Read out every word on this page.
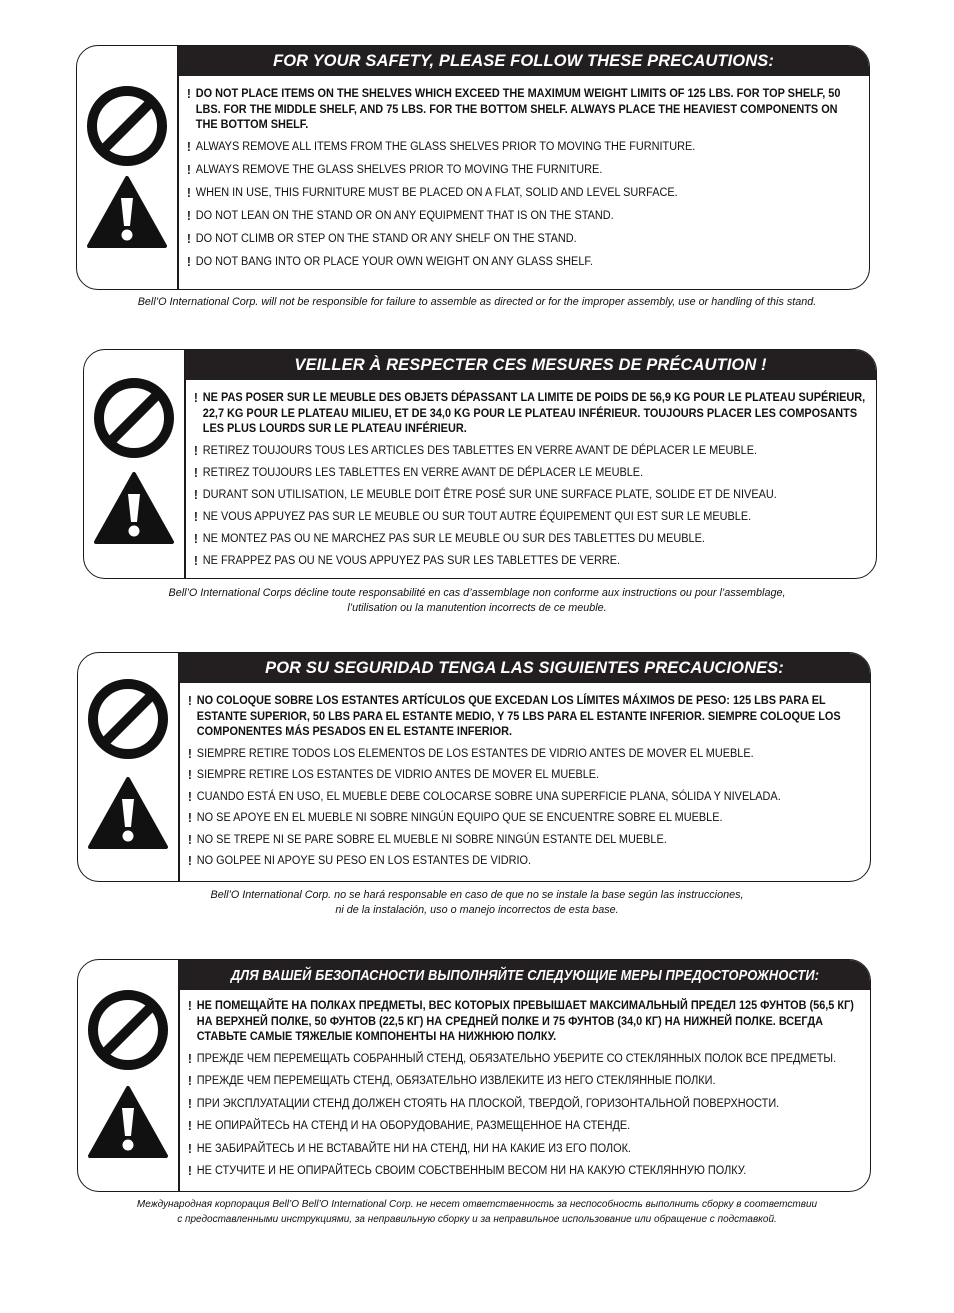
FOR YOUR SAFETY, PLEASE FOLLOW THESE PRECAUTIONS:
! DO NOT PLACE ITEMS ON THE SHELVES WHICH EXCEED THE MAXIMUM WEIGHT LIMITS OF 125 LBS. FOR TOP SHELF, 50 LBS. FOR THE MIDDLE SHELF, AND 75 LBS. FOR THE BOTTOM SHELF. ALWAYS PLACE THE HEAVIEST COMPONENTS ON THE BOTTOM SHELF.
! ALWAYS REMOVE ALL ITEMS FROM THE GLASS SHELVES PRIOR TO MOVING THE FURNITURE.
! ALWAYS REMOVE THE GLASS SHELVES PRIOR TO MOVING THE FURNITURE.
! WHEN IN USE, THIS FURNITURE MUST BE PLACED ON A FLAT, SOLID AND LEVEL SURFACE.
! DO NOT LEAN ON THE STAND OR ON ANY EQUIPMENT THAT IS ON THE STAND.
! DO NOT CLIMB OR STEP ON THE STAND OR ANY SHELF ON THE STAND.
! DO NOT BANG INTO OR PLACE YOUR OWN WEIGHT ON ANY GLASS SHELF.
Bell’O International Corp. will not be responsible for failure to assemble as directed or for the improper assembly, use or handling of this stand.
VEILLER À RESPECTER CES MESURES DE PRÉCAUTION !
! NE PAS POSER SUR LE MEUBLE DES OBJETS DÉPASSANT LA LIMITE DE POIDS DE 56,9 KG POUR LE PLATEAU SUPÉRIEUR, 22,7 KG POUR LE PLATEAU MILIEU, ET DE 34,0 KG POUR LE PLATEAU INFÉRIEUR. TOUJOURS PLACER LES COMPOSANTS LES PLUS LOURDS SUR LE PLATEAU INFÉRIEUR.
! RETIREZ TOUJOURS TOUS LES ARTICLES DES TABLETTES EN VERRE AVANT DE DÉPLACER LE MEUBLE.
! RETIREZ TOUJOURS LES TABLETTES EN VERRE AVANT DE DÉPLACER LE MEUBLE.
! DURANT SON UTILISATION, LE MEUBLE DOIT ÊTRE POSÉ SUR UNE SURFACE PLATE, SOLIDE ET DE NIVEAU.
! NE VOUS APPUYEZ PAS SUR LE MEUBLE OU SUR TOUT AUTRE ÉQUIPEMENT QUI EST SUR LE MEUBLE.
! NE MONTEZ PAS OU NE MARCHEZ PAS SUR LE MEUBLE OU SUR DES TABLETTES DU MEUBLE.
! NE FRAPPEZ PAS OU NE VOUS APPUYEZ PAS SUR LES TABLETTES DE VERRE.
Bell’O International Corps décline toute responsabilité en cas d’assemblage non conforme aux instructions ou pour l’assemblage,
l’utilisation ou la manutention incorrects de ce meuble.
POR SU SEGURIDAD TENGA LAS SIGUIENTES PRECAUCIONES:
! NO COLOQUE SOBRE LOS ESTANTES ARTÍCULOS QUE EXCEDAN LOS LÍMITES MÁXIMOS DE PESO: 125 LBS PARA EL ESTANTE SUPERIOR, 50 LBS PARA EL ESTANTE MEDIO, Y 75 LBS PARA EL ESTANTE INFERIOR. SIEMPRE COLOQUE LOS COMPONENTES MÁS PESADOS EN EL ESTANTE INFERIOR.
! SIEMPRE RETIRE TODOS LOS ELEMENTOS DE LOS ESTANTES DE VIDRIO ANTES DE MOVER EL MUEBLE.
! SIEMPRE RETIRE LOS ESTANTES DE VIDRIO ANTES DE MOVER EL MUEBLE.
! CUANDO ESTÁ EN USO, EL MUEBLE DEBE COLOCARSE SOBRE UNA SUPERFICIE PLANA, SÓLIDA Y NIVELADA.
! NO SE APOYE EN EL MUEBLE NI SOBRE NINGÚN EQUIPO QUE SE ENCUENTRE SOBRE EL MUEBLE.
! NO SE TREPE NI SE PARE SOBRE EL MUEBLE NI SOBRE NINGÚN ESTANTE DEL MUEBLE.
! NO GOLPEE NI APOYE SU PESO EN LOS ESTANTES DE VIDRIO.
Bell’O International Corp. no se hará responsable en caso de que no se instale la base según las instrucciones,
ni de la instalación, uso o manejo incorrectos de esta base.
ДЛЯ ВАШЕЙ БЕЗОПАСНОСТИ ВЫПОЛНЯЙТЕ СЛЕДУЮЩИЕ МЕРЫ ПРЕДОСТОРОЖНОСТИ:
! НЕ ПОМЕЩАЙТЕ НА ПОЛКАХ ПРЕДМЕТЫ, ВЕС КОТОРЫХ ПРЕВЫШАЕТ МАКСИМАЛЬНЫЙ ПРЕДЕЛ 125 ФУНТОВ (56,5 КГ) НА ВЕРХНЕЙ ПОЛКЕ, 50 ФУНТОВ (22,5 КГ) НА СРЕДНЕЙ ПОЛКЕ И 75 ФУНТОВ (34,0 КГ) НА НИЖНЕЙ ПОЛКЕ. ВСЕГДА СТАВЬТЕ САМЫЕ ТЯЖЕЛЫЕ КОМПОНЕНТЫ НА НИЖНЮЮ ПОЛКУ.
! ПРЕЖДЕ ЧЕМ ПЕРЕМЕЩАТЬ СОБРАННЫЙ СТЕНД, ОБЯЗАТЕЛЬНО УБЕРИТЕ СО СТЕКЛЯННЫХ ПОЛОК ВСЕ ПРЕДМЕТЫ.
! ПРЕЖДЕ ЧЕМ ПЕРЕМЕЩАТЬ СТЕНД, ОБЯЗАТЕЛЬНО ИЗВЛЕКИТЕ ИЗ НЕГО СТЕКЛЯННЫЕ ПОЛКИ.
! ПРИ ЭКСПЛУАТАЦИИ СТЕНД ДОЛЖЕН СТОЯТЬ НА ПЛОСКОЙ, ТВЕРДОЙ, ГОРИЗОНТАЛЬНОЙ ПОВЕРХНОСТИ.
! НЕ ОПИРАЙТЕСЬ НА СТЕНД И НА ОБОРУДОВАНИЕ, РАЗМЕЩЕННОЕ НА СТЕНДЕ.
! НЕ ЗАБИРАЙТЕСЬ И НЕ ВСТАВАЙТЕ НИ НА СТЕНД, НИ НА КАКИЕ ИЗ ЕГО ПОЛОК.
! НЕ СТУЧИТЕ И НЕ ОПИРАЙТЕСЬ СВОИМ СОБСТВЕННЫМ ВЕСОМ НИ НА КАКУЮ СТЕКЛЯННУЮ ПОЛКУ.
Международная корпорация Bell’O Bell’O International Corp. не несет ответственность за неспособность выполнить сборку в соответствии
с предоставленными инструкциями, за неправильную сборку и за неправильное использование или обращение с подставкой.
